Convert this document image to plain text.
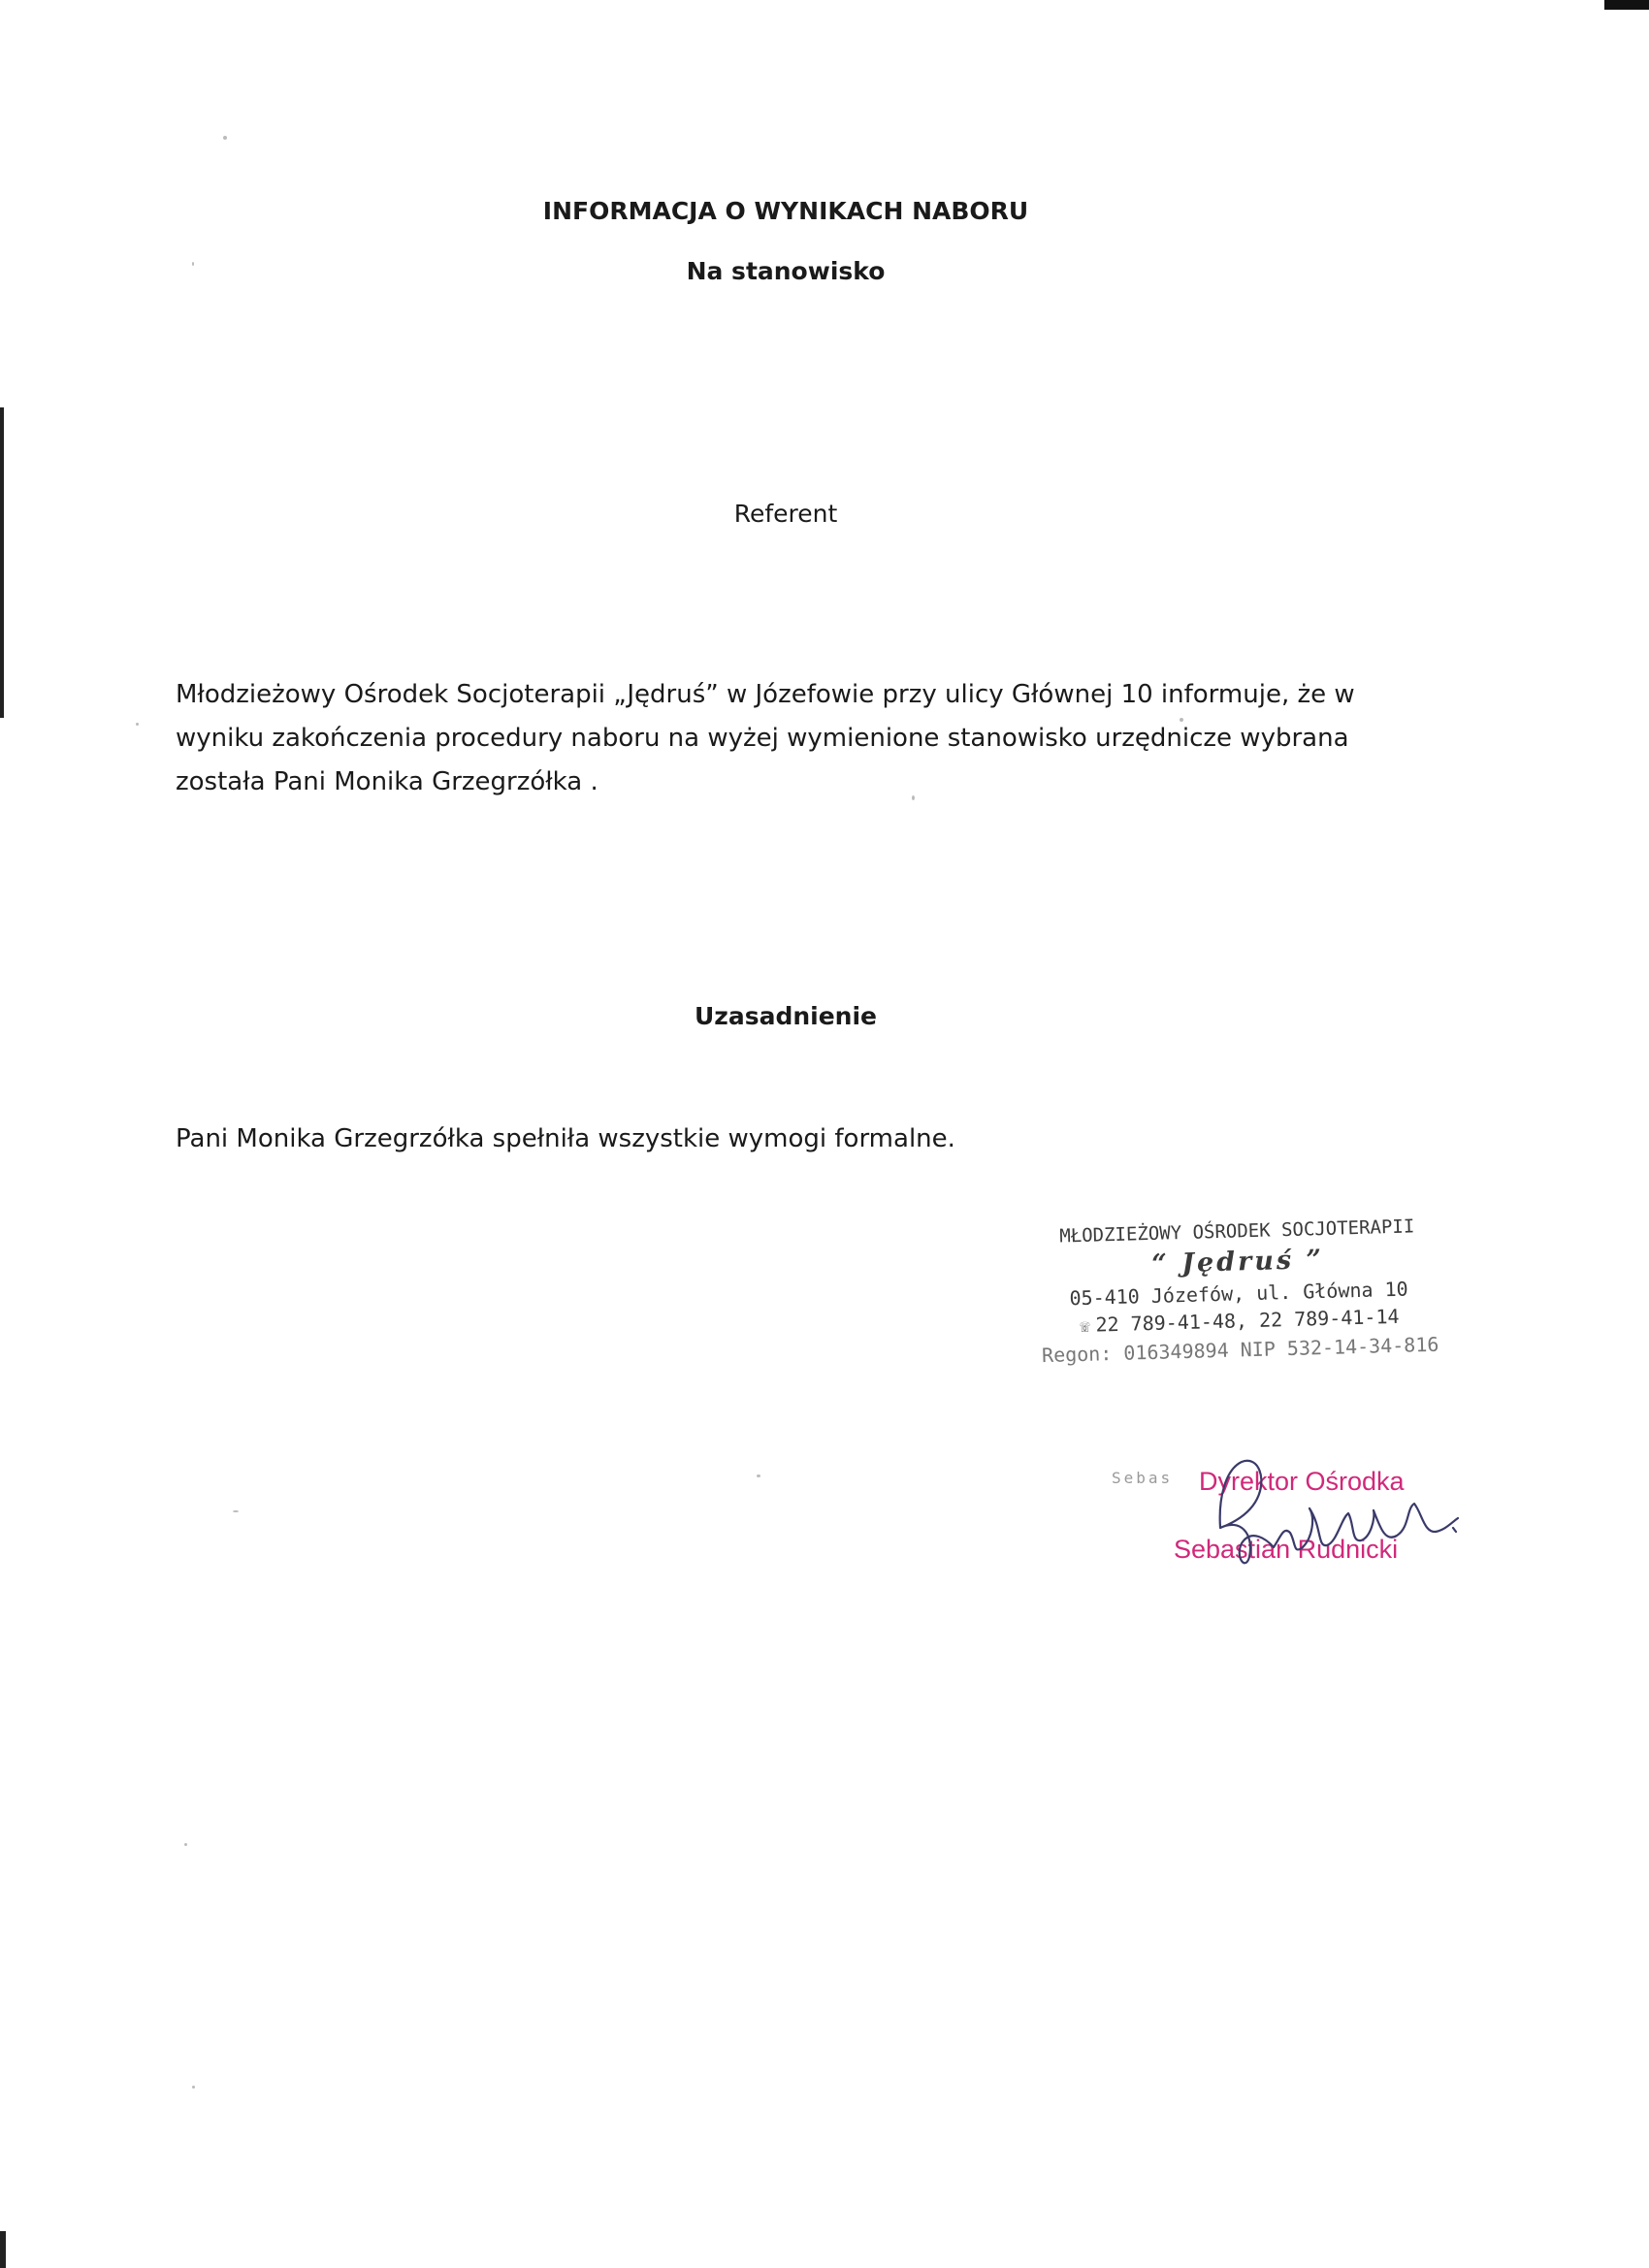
INFORMACJA O WYNIKACH NABORU
Na stanowisko
Referent

Młodzieżowy Ośrodek Socjoterapii „Jędruś” w Józefowie przy ulicy Głównej 10 informuje, że w wyniku zakończenia procedury naboru na wyżej wymienione stanowisko urzędnicze wybrana została Pani Monika Grzegrzółka .

Uzasadnienie

Pani Monika Grzegrzółka spełniła wszystkie wymogi formalne.

MŁODZIEŻOWY OŚRODEK SOCJOTERAPII
“ Jędruś ”
05-410 Józefów, ul. Główna 10
☏ 22 789-41-48, 22 789-41-14
Regon: 016349894 NIP 532-14-34-816
Sebas Dyrektor Ośrodka
Sebastian Rudnicki
